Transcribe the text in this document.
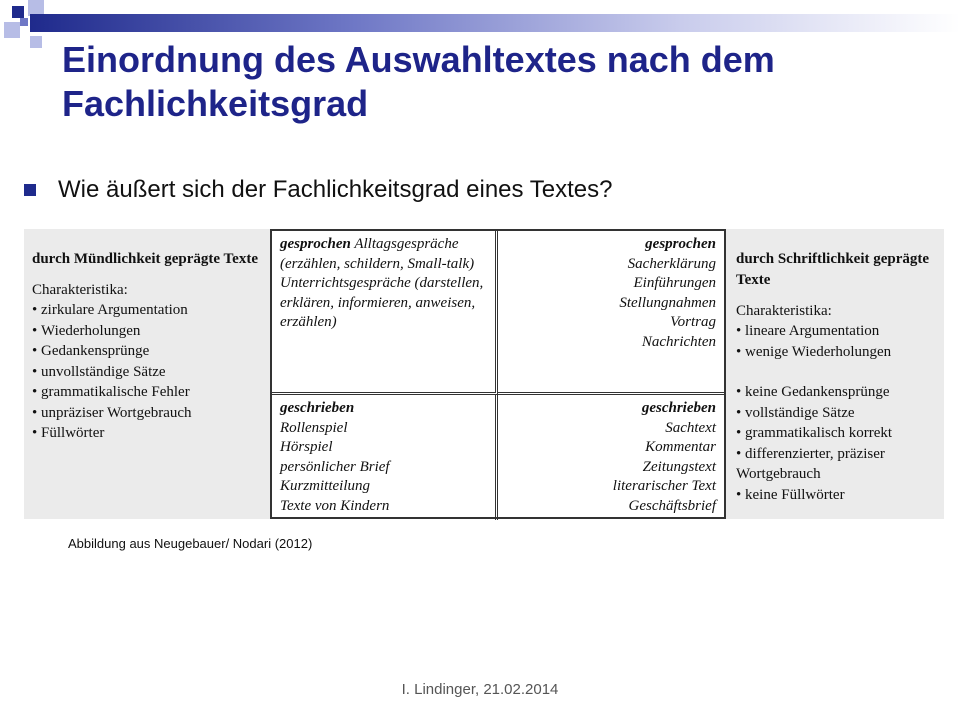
Einordnung des Auswahltextes nach dem Fachlichkeitsgrad
Wie äußert sich der Fachlichkeitsgrad eines Textes?

durch Mündlichkeit geprägte Texte

Charakteristika:

• zirkulare Argumentation
• Wiederholungen
• Gedankensprünge
• unvollständige Sätze
• grammatikalische Fehler
• unpräziser Wortgebrauch
• Füllwörter

gesprochen Alltagsgespräche (erzählen, schildern, Small-talk)

Unterrichtsgespräche (darstellen, erklären, informieren, anweisen, erzählen)

gesprochen

Sacherklärung

Einführungen

Stellungnahmen

Vortrag

Nachrichten

geschrieben

Rollenspiel

Hörspiel

persönlicher Brief

Kurzmitteilung

Texte von Kindern

geschrieben

Sachtext

Kommentar

Zeitungstext

literarischer Text

Geschäftsbrief

durch Schriftlichkeit geprägte Texte

Charakteristika:

• lineare Argumentation
• wenige Wiederholungen
• keine Gedankensprünge
• vollständige Sätze
• grammatikalisch korrekt
• differenzierter, präziser Wortgebrauch
• keine Füllwörter
Abbildung aus Neugebauer/ Nodari (2012)
I. Lindinger, 21.02.2014
